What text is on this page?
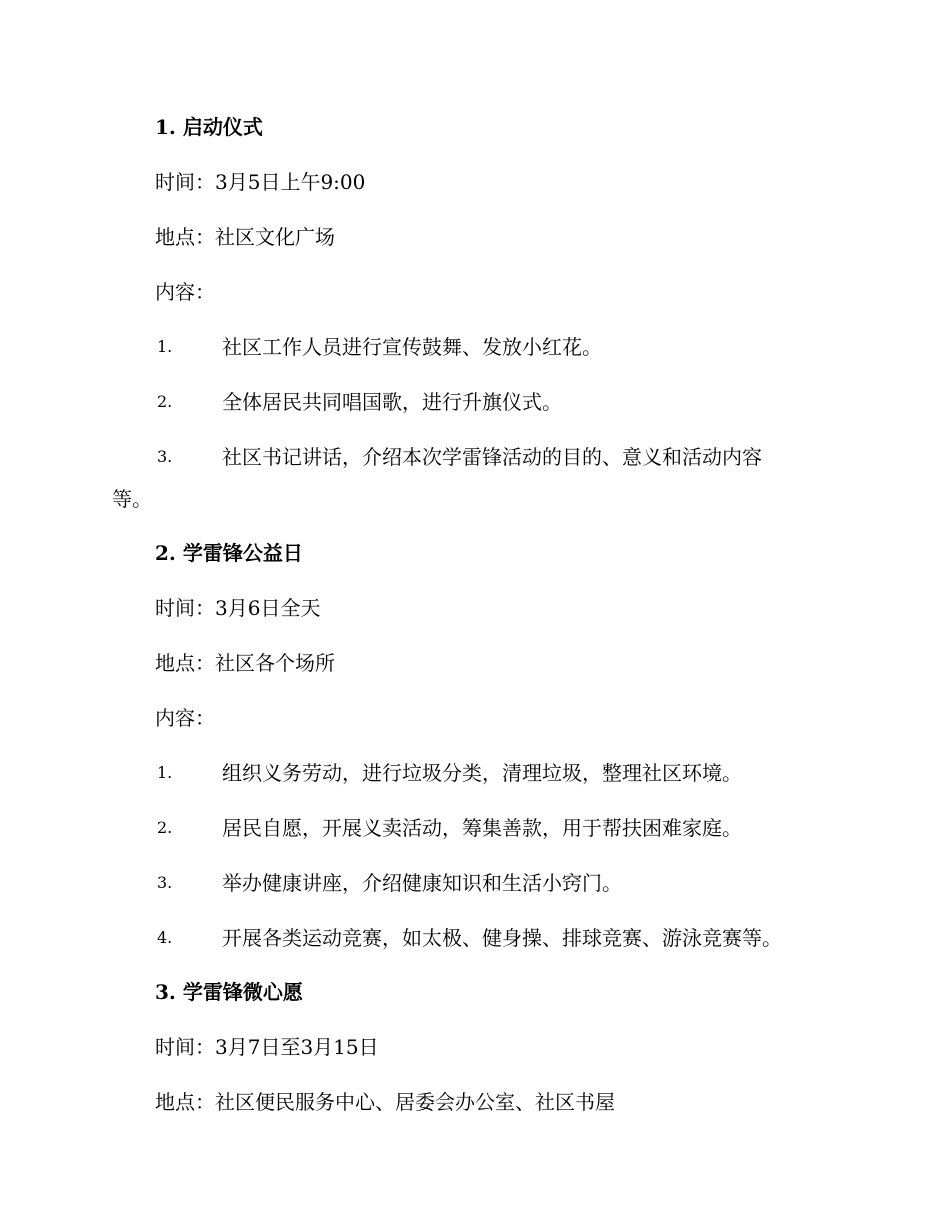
1. 启动仪式
时间：3月5日上午9:00
地点：社区文化广场
内容：
1. 社区工作人员进行宣传鼓舞、发放小红花。
2. 全体居民共同唱国歌，进行升旗仪式。
3. 社区书记讲话，介绍本次学雷锋活动的目的、意义和活动内容
等。
2. 学雷锋公益日
时间：3月6日全天
地点：社区各个场所
内容：
1. 组织义务劳动，进行垃圾分类，清理垃圾，整理社区环境。
2. 居民自愿，开展义卖活动，筹集善款，用于帮扶困难家庭。
3. 举办健康讲座，介绍健康知识和生活小窍门。
4. 开展各类运动竞赛，如太极、健身操、排球竞赛、游泳竞赛等。
3. 学雷锋微心愿
时间：3月7日至3月15日
地点：社区便民服务中心、居委会办公室、社区书屋
